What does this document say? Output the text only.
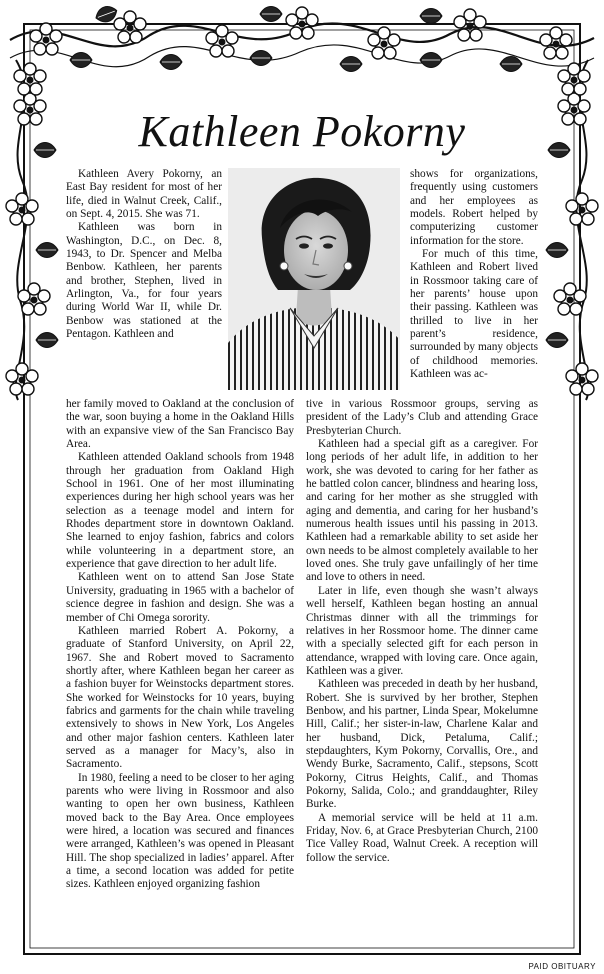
Kathleen Pokorny

Kathleen Avery Pokorny, an East Bay resident for most of her life, died in Walnut Creek, Calif., on Sept. 4, 2015. She was 71.

Kathleen was born in Washington, D.C., on Dec. 8, 1943, to Dr. Spencer and Melba Benbow. Kathleen, her parents and brother, Stephen, lived in Arlington, Va., for four years during World War II, while Dr. Benbow was stationed at the Pentagon. Kathleen and

shows for organizations, frequently using customers and her employees as models. Robert helped by computerizing customer information for the store.

For much of this time, Kathleen and Robert lived in Rossmoor taking care of her parents’ house upon their passing. Kathleen was thrilled to live in her parent’s residence, surrounded by many objects of childhood memories. Kathleen was ac-

her family moved to Oakland at the conclusion of the war, soon buying a home in the Oakland Hills with an expansive view of the San Francisco Bay Area.

Kathleen attended Oakland schools from 1948 through her graduation from Oakland High School in 1961. One of her most illuminating experiences during her high school years was her selection as a teenage model and intern for Rhodes department store in downtown Oakland. She learned to enjoy fashion, fabrics and colors while volunteering in a department store, an experience that gave direction to her adult life.

Kathleen went on to attend San Jose State University, graduating in 1965 with a bachelor of science degree in fashion and design. She was a member of Chi Omega sorority.

Kathleen married Robert A. Pokorny, a graduate of Stanford University, on April 22, 1967. She and Robert moved to Sacramento shortly after, where Kathleen began her career as a fashion buyer for Weinstocks department stores. She worked for Weinstocks for 10 years, buying fabrics and garments for the chain while traveling extensively to shows in New York, Los Angeles and other major fashion centers. Kathleen later served as a manager for Macy’s, also in Sacramento.

In 1980, feeling a need to be closer to her aging parents who were living in Rossmoor and also wanting to open her own business, Kathleen moved back to the Bay Area. Once employees were hired, a location was secured and finances were arranged, Kathleen’s was opened in Pleasant Hill. The shop specialized in ladies’ apparel. After a time, a second location was added for petite sizes. Kathleen enjoyed organizing fashion

tive in various Rossmoor groups, serving as president of the Lady’s Club and attending Grace Presbyterian Church.

Kathleen had a special gift as a caregiver. For long periods of her adult life, in addition to her work, she was devoted to caring for her father as he battled colon cancer, blindness and hearing loss, and caring for her mother as she struggled with aging and dementia, and caring for her husband’s numerous health issues until his passing in 2013. Kathleen had a remarkable ability to set aside her own needs to be almost completely available to her loved ones. She truly gave unfailingly of her time and love to others in need.

Later in life, even though she wasn’t always well herself, Kathleen began hosting an annual Christmas dinner with all the trimmings for relatives in her Rossmoor home. The dinner came with a specially selected gift for each person in attendance, wrapped with loving care. Once again, Kathleen was a giver.

Kathleen was preceded in death by her husband, Robert. She is survived by her brother, Stephen Benbow, and his partner, Linda Spear, Mokelumne Hill, Calif.; her sister-in-law, Charlene Kalar and her husband, Dick, Petaluma, Calif.; stepdaughters, Kym Pokorny, Corvallis, Ore., and Wendy Burke, Sacramento, Calif., stepsons, Scott Pokorny, Citrus Heights, Calif., and Thomas Pokorny, Salida, Colo.; and granddaughter, Riley Burke.

A memorial service will be held at 11 a.m. Friday, Nov. 6, at Grace Presbyterian Church, 2100 Tice Valley Road, Walnut Creek. A reception will follow the service.

PAID OBITUARY
